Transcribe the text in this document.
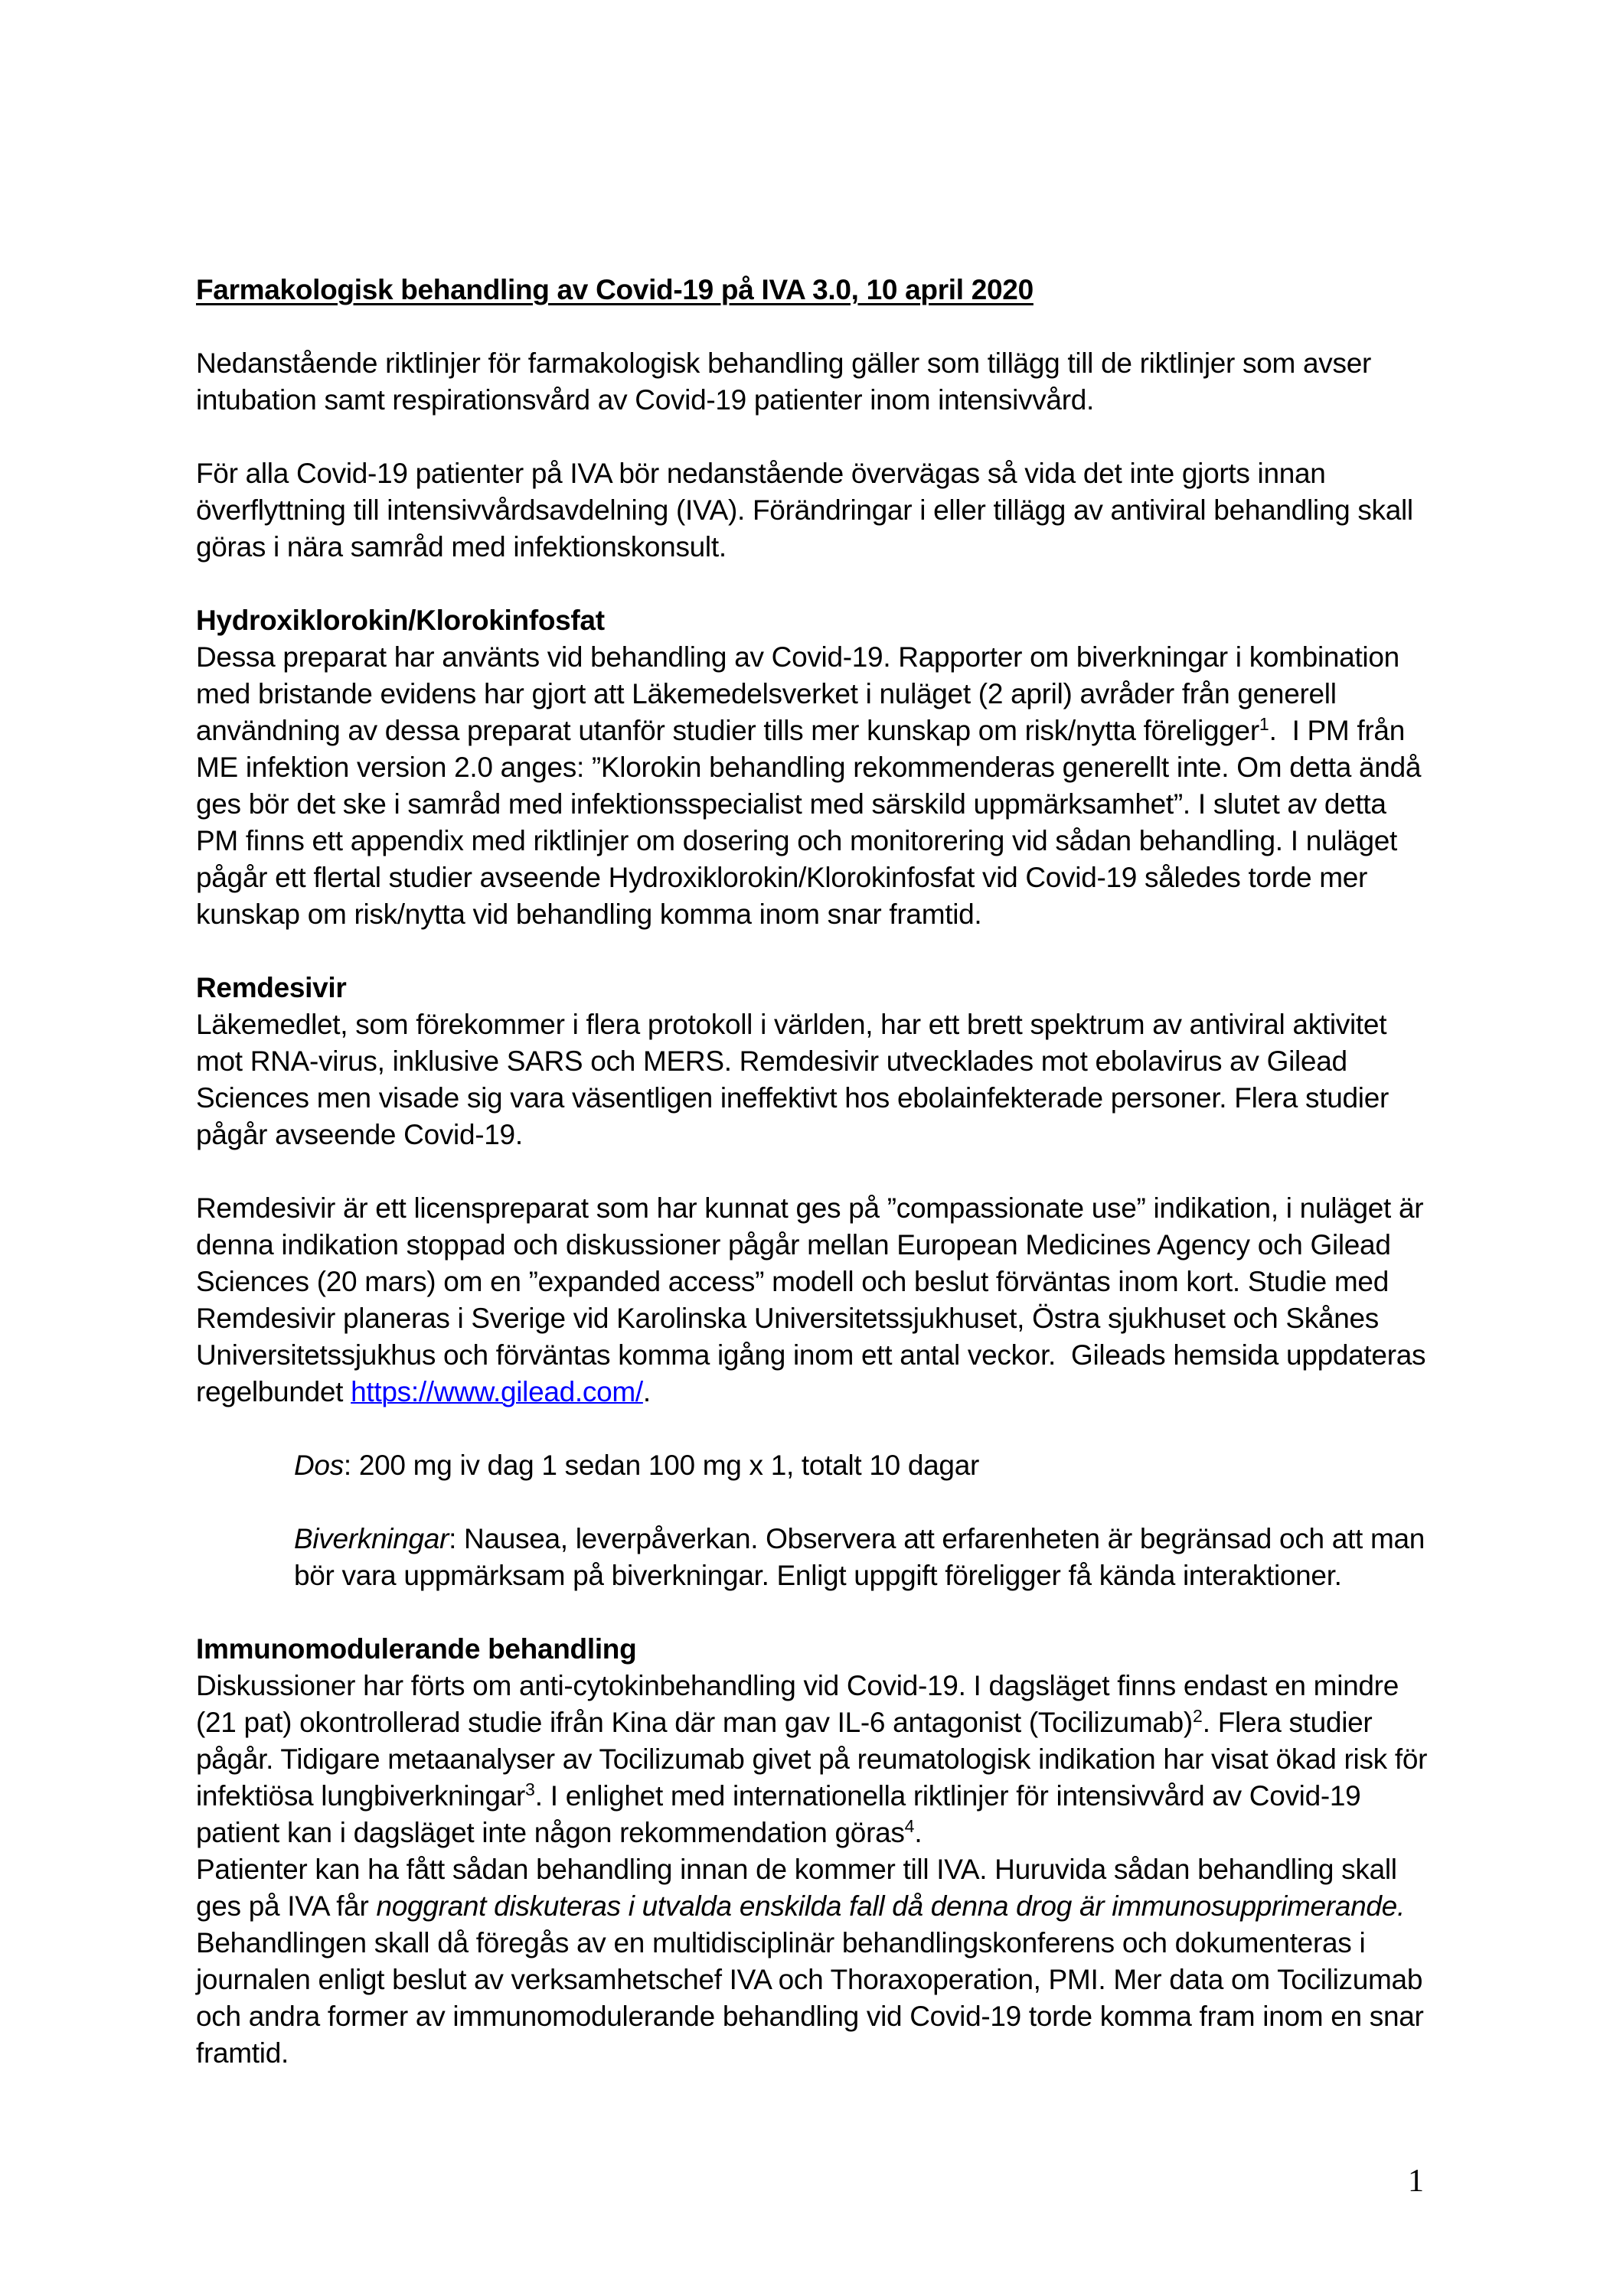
Farmakologisk behandling av Covid-19 på IVA 3.0, 10 april 2020

Nedanstående riktlinjer för farmakologisk behandling gäller som tillägg till de riktlinjer som avser intubation samt respirationsvård av Covid-19 patienter inom intensivvård.

För alla Covid-19 patienter på IVA bör nedanstående övervägas så vida det inte gjorts innan överflyttning till intensivvårdsavdelning (IVA). Förändringar i eller tillägg av antiviral behandling skall göras i nära samråd med infektionskonsult.

Hydroxiklorokin/Klorokinfosfat

Dessa preparat har använts vid behandling av Covid-19. Rapporter om biverkningar i kombination med bristande evidens har gjort att Läkemedelsverket i nuläget (2 april) avråder från generell användning av dessa preparat utanför studier tills mer kunskap om risk/nytta föreligger$^1$.  I PM från ME infektion version 2.0 anges: ”Klorokin behandling rekommenderas generellt inte. Om detta ändå ges bör det ske i samråd med infektionsspecialist med särskild uppmärksamhet”. I slutet av detta PM finns ett appendix med riktlinjer om dosering och monitorering vid sådan behandling. I nuläget pågår ett flertal studier avseende Hydroxiklorokin/Klorokinfosfat vid Covid-19 således torde mer kunskap om risk/nytta vid behandling komma inom snar framtid.

Remdesivir

Läkemedlet, som förekommer i flera protokoll i världen, har ett brett spektrum av antiviral aktivitet mot RNA-virus, inklusive SARS och MERS. Remdesivir utvecklades mot ebolavirus av Gilead Sciences men visade sig vara väsentligen ineffektivt hos ebolainfekterade personer. Flera studier pågår avseende Covid-19.

Remdesivir är ett licenspreparat som har kunnat ges på ”compassionate use” indikation, i nuläget är denna indikation stoppad och diskussioner pågår mellan European Medicines Agency och Gilead Sciences (20 mars) om en ”expanded access” modell och beslut förväntas inom kort. Studie med Remdesivir planeras i Sverige vid Karolinska Universitetssjukhuset, Östra sjukhuset och Skånes Universitetssjukhus och förväntas komma igång inom ett antal veckor.  Gileads hemsida uppdateras regelbundet https://www.gilead.com/.

Dos: 200 mg iv dag 1 sedan 100 mg x 1, totalt 10 dagar

Biverkningar: Nausea, leverpåverkan. Observera att erfarenheten är begränsad och att man bör vara uppmärksam på biverkningar. Enligt uppgift föreligger få kända interaktioner.

Immunomodulerande behandling

Diskussioner har förts om anti-cytokinbehandling vid Covid-19. I dagsläget finns endast en mindre (21 pat) okontrollerad studie ifrån Kina där man gav IL-6 antagonist (Tocilizumab)$^2$. Flera studier pågår. Tidigare metaanalyser av Tocilizumab givet på reumatologisk indikation har visat ökad risk för infektiösa lungbiverkningar$^3$. I enlighet med internationella riktlinjer för intensivvård av Covid-19 patient kan i dagsläget inte någon rekommendation göras$^4$.

Patienter kan ha fått sådan behandling innan de kommer till IVA. Huruvida sådan behandling skall ges på IVA får noggrant diskuteras i utvalda enskilda fall då denna drog är immunosupprimerande. Behandlingen skall då föregås av en multidisciplinär behandlingskonferens och dokumenteras i journalen enligt beslut av verksamhetschef IVA och Thoraxoperation, PMI. Mer data om Tocilizumab och andra former av immunomodulerande behandling vid Covid-19 torde komma fram inom en snar framtid.

1
